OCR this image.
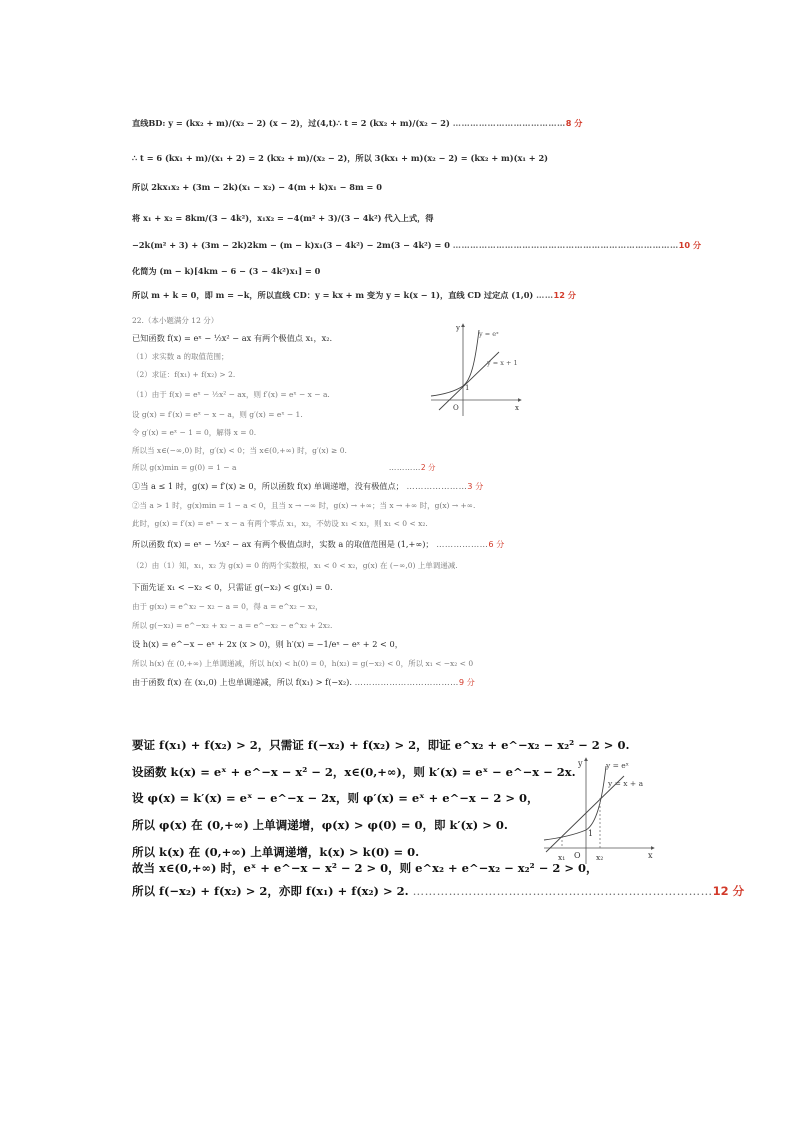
直线BD: y = (kx₂ + m)/(x₂ − 2) (x − 2)，过(4,t)∴ t = 2 (kx₂ + m)/(x₂ − 2) …………………………………8 分
∴ t = 6 (kx₁ + m)/(x₁ + 2) = 2 (kx₂ + m)/(x₂ − 2)，所以 3(kx₁ + m)(x₂ − 2) = (kx₂ + m)(x₁ + 2)
所以 2kx₁x₂ + (3m − 2k)(x₁ − x₂) − 4(m + k)x₁ − 8m = 0
将 x₁ + x₂ = 8km/(3 − 4k²)，x₁x₂ = −4(m² + 3)/(3 − 4k²) 代入上式，得
−2k(m² + 3) + (3m − 2k)2km − (m − k)x₁(3 − 4k²) − 2m(3 − 4k²) = 0 ……………………………………………………………………10 分
化简为 (m − k)[4km − 6 − (3 − 4k²)x₁] = 0
所以 m + k = 0，即 m = −k，所以直线 CD：y = kx + m 变为 y = k(x − 1)，直线 CD 过定点 (1,0) ……12 分
22.（本小题满分 12 分）
已知函数 f(x) = eˣ − ½x² − ax 有两个极值点 x₁，x₂.
（1）求实数 a 的取值范围；
（2）求证：f(x₁) + f(x₂) > 2.
（1）由于 f(x) = eˣ − ½x² − ax，则 f′(x) = eˣ − x − a.
设 g(x) = f′(x) = eˣ − x − a，则 g′(x) = eˣ − 1.
令 g′(x) = eˣ − 1 = 0，解得 x = 0.
所以当 x∈(−∞,0) 时，g′(x) < 0；当 x∈(0,+∞) 时，g′(x) ≥ 0.
所以 g(x)min = g(0) = 1 − a	…………2 分
①当 a ≤ 1 时，g(x) = f′(x) ≥ 0，所以函数 f(x) 单调递增，没有极值点； …………………3 分
②当 a > 1 时，g(x)min = 1 − a < 0，且当 x → −∞ 时，g(x) → +∞；当 x → +∞ 时，g(x) → +∞.
此时，g(x) = f′(x) = eˣ − x − a 有两个零点 x₁，x₂，不妨设 x₁ < x₂，则 x₁ < 0 < x₂.
所以函数 f(x) = eˣ − ½x² − ax 有两个极值点时，实数 a 的取值范围是 (1,+∞)； ………………6 分
（2）由（1）知，x₁，x₂ 为 g(x) = 0 的两个实数根，x₁ < 0 < x₂，g(x) 在 (−∞,0) 上单调递减.
下面先证 x₁ < −x₂ < 0，只需证 g(−x₂) < g(x₁) = 0.
由于 g(x₂) = e^x₂ − x₂ − a = 0，得 a = e^x₂ − x₂，
所以 g(−x₂) = e^−x₂ + x₂ − a = e^−x₂ − e^x₂ + 2x₂.
设 h(x) = e^−x − eˣ + 2x (x > 0)，则 h′(x) = −1/eˣ − eˣ + 2 < 0，
所以 h(x) 在 (0,+∞) 上单调递减，所以 h(x) < h(0) = 0，h(x₂) = g(−x₂) < 0，所以 x₁ < −x₂ < 0
由于函数 f(x) 在 (x₁,0) 上也单调递减，所以 f(x₁) > f(−x₂). ………………………………9 分
要证 f(x₁) + f(x₂) > 2，只需证 f(−x₂) + f(x₂) > 2，即证 e^x₂ + e^−x₂ − x₂² − 2 > 0.
设函数 k(x) = eˣ + e^−x − x² − 2，x∈(0,+∞)，则 k′(x) = eˣ − e^−x − 2x.
设 φ(x) = k′(x) = eˣ − e^−x − 2x，则 φ′(x) = eˣ + e^−x − 2 > 0，
所以 φ(x) 在 (0,+∞) 上单调递增，φ(x) > φ(0) = 0，即 k′(x) > 0.
所以 k(x) 在 (0,+∞) 上单调递增，k(x) > k(0) = 0.
故当 x∈(0,+∞) 时，eˣ + e^−x − x² − 2 > 0，则 e^x₂ + e^−x₂ − x₂² − 2 > 0，
所以 f(−x₂) + f(x₂) > 2，亦即 f(x₁) + f(x₂) > 2. …………………………………………………………………12 分
1
O
y
x
y = eˣ
y = x + 1
1
O
x₁	x₂
y
x
y = eˣ
y = x + a
